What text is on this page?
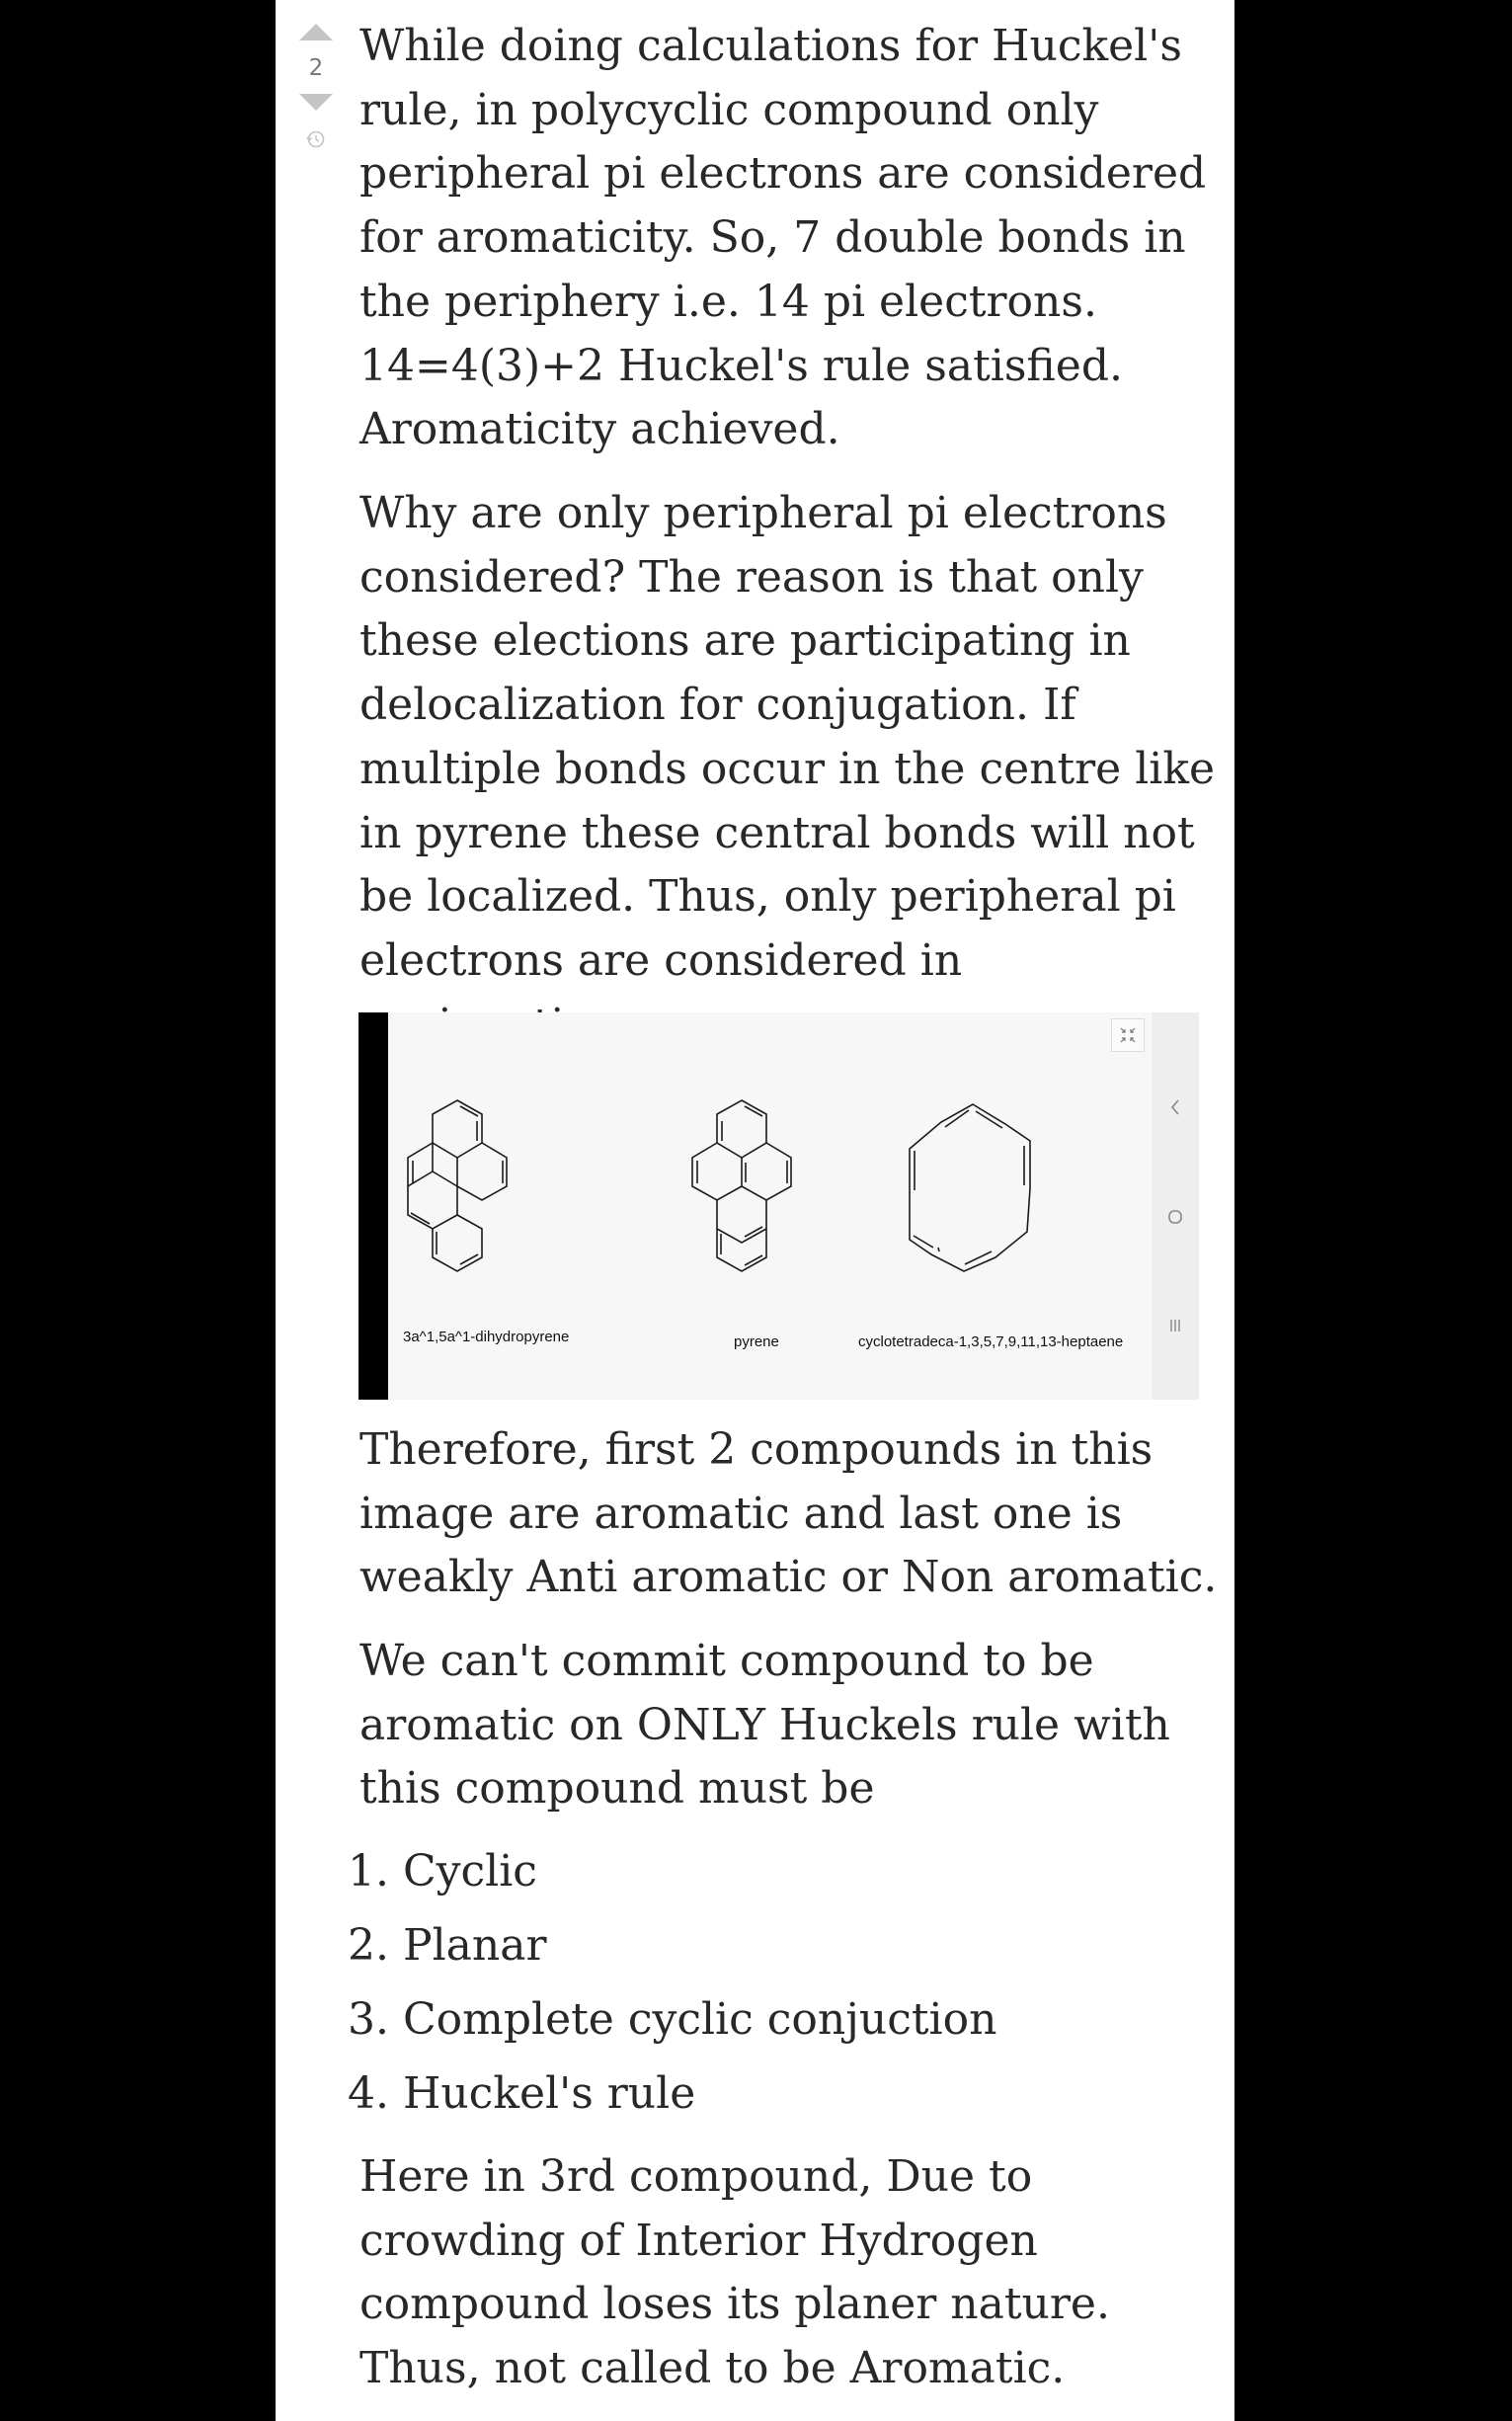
2 While doing calculations for Huckel's rule, in polycyclic compound only peripheral pi electrons are considered for aromaticity. So, 7 double bonds in the periphery i.e. 14 pi electrons. 14=4(3)+2 Huckel's rule satisfied. Aromaticity achieved.

Why are only peripheral pi electrons considered? The reason is that only these elections are participating in delocalization for conjugation. If multiple bonds occur in the centre like in pyrene these central bonds will not be localized. Thus, only peripheral pi electrons are considered in

Therefore, first 2 compounds in this image are aromatic and last one is weakly Anti aromatic or Non aromatic.

We can't commit compound to be aromatic on ONLY Huckels rule with this compound must be

1. Cyclic
2. Planar
3. Complete cyclic conjuction
4. Huckel's rule

Here in 3rd compound, Due to crowding of Interior Hydrogen compound loses its planer nature. Thus, not called to be Aromatic.

3a^1,5a^1-dihydropyrene	pyrene	cyclotetradeca-1,3,5,7,9,11,13-heptaene
